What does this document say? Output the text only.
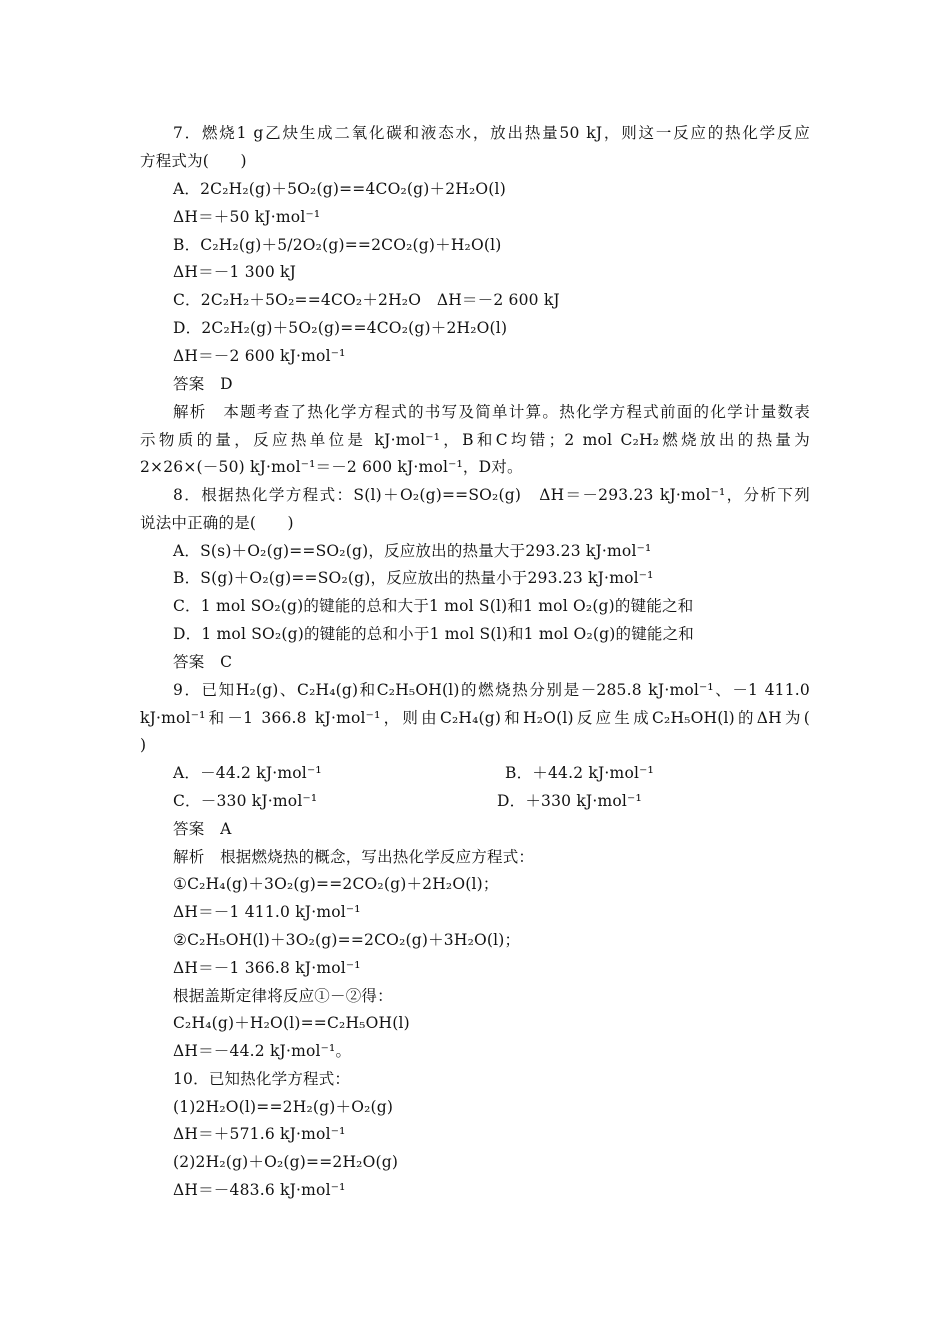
7．燃烧1 g乙炔生成二氧化碳和液态水，放出热量50 kJ，则这一反应的热化学反应
方程式为(　　)
A．2C₂H₂(g)＋5O₂(g)==4CO₂(g)＋2H₂O(l)
ΔH＝＋50 kJ·mol⁻¹
B．C₂H₂(g)＋5/2O₂(g)==2CO₂(g)＋H₂O(l)
ΔH＝－1 300 kJ
C．2C₂H₂＋5O₂==4CO₂＋2H₂O　ΔH＝－2 600 kJ
D．2C₂H₂(g)＋5O₂(g)==4CO₂(g)＋2H₂O(l)
ΔH＝－2 600 kJ·mol⁻¹
答案　D
解析　本题考查了热化学方程式的书写及简单计算。热化学方程式前面的化学计量数表
示物质的量，反应热单位是 kJ·mol⁻¹，B和C均错；2 mol C₂H₂燃烧放出的热量为
2×26×(－50) kJ·mol⁻¹＝－2 600 kJ·mol⁻¹，D对。
8．根据热化学方程式：S(l)＋O₂(g)==SO₂(g)　ΔH＝－293.23 kJ·mol⁻¹，分析下列
说法中正确的是(　　)
A．S(s)＋O₂(g)==SO₂(g)，反应放出的热量大于293.23 kJ·mol⁻¹
B．S(g)＋O₂(g)==SO₂(g)，反应放出的热量小于293.23 kJ·mol⁻¹
C．1 mol SO₂(g)的键能的总和大于1 mol S(l)和1 mol O₂(g)的键能之和
D．1 mol SO₂(g)的键能的总和小于1 mol S(l)和1 mol O₂(g)的键能之和
答案　C
9．已知H₂(g)、C₂H₄(g)和C₂H₅OH(l)的燃烧热分别是－285.8 kJ·mol⁻¹、－1 411.0
kJ·mol⁻¹和－1 366.8 kJ·mol⁻¹，则由C₂H₄(g)和H₂O(l)反应生成C₂H₅OH(l)的ΔH为(
)
A．－44.2 kJ·mol⁻¹	B．＋44.2 kJ·mol⁻¹
C．－330 kJ·mol⁻¹	D．＋330 kJ·mol⁻¹
答案　A
解析　根据燃烧热的概念，写出热化学反应方程式：
①C₂H₄(g)＋3O₂(g)==2CO₂(g)＋2H₂O(l)；
ΔH＝－1 411.0 kJ·mol⁻¹
②C₂H₅OH(l)＋3O₂(g)==2CO₂(g)＋3H₂O(l)；
ΔH＝－1 366.8 kJ·mol⁻¹
根据盖斯定律将反应①－②得：
C₂H₄(g)＋H₂O(l)==C₂H₅OH(l)
ΔH＝－44.2 kJ·mol⁻¹。
10．已知热化学方程式：
(1)2H₂O(l)==2H₂(g)＋O₂(g)
ΔH＝＋571.6 kJ·mol⁻¹
(2)2H₂(g)＋O₂(g)==2H₂O(g)
ΔH＝－483.6 kJ·mol⁻¹
